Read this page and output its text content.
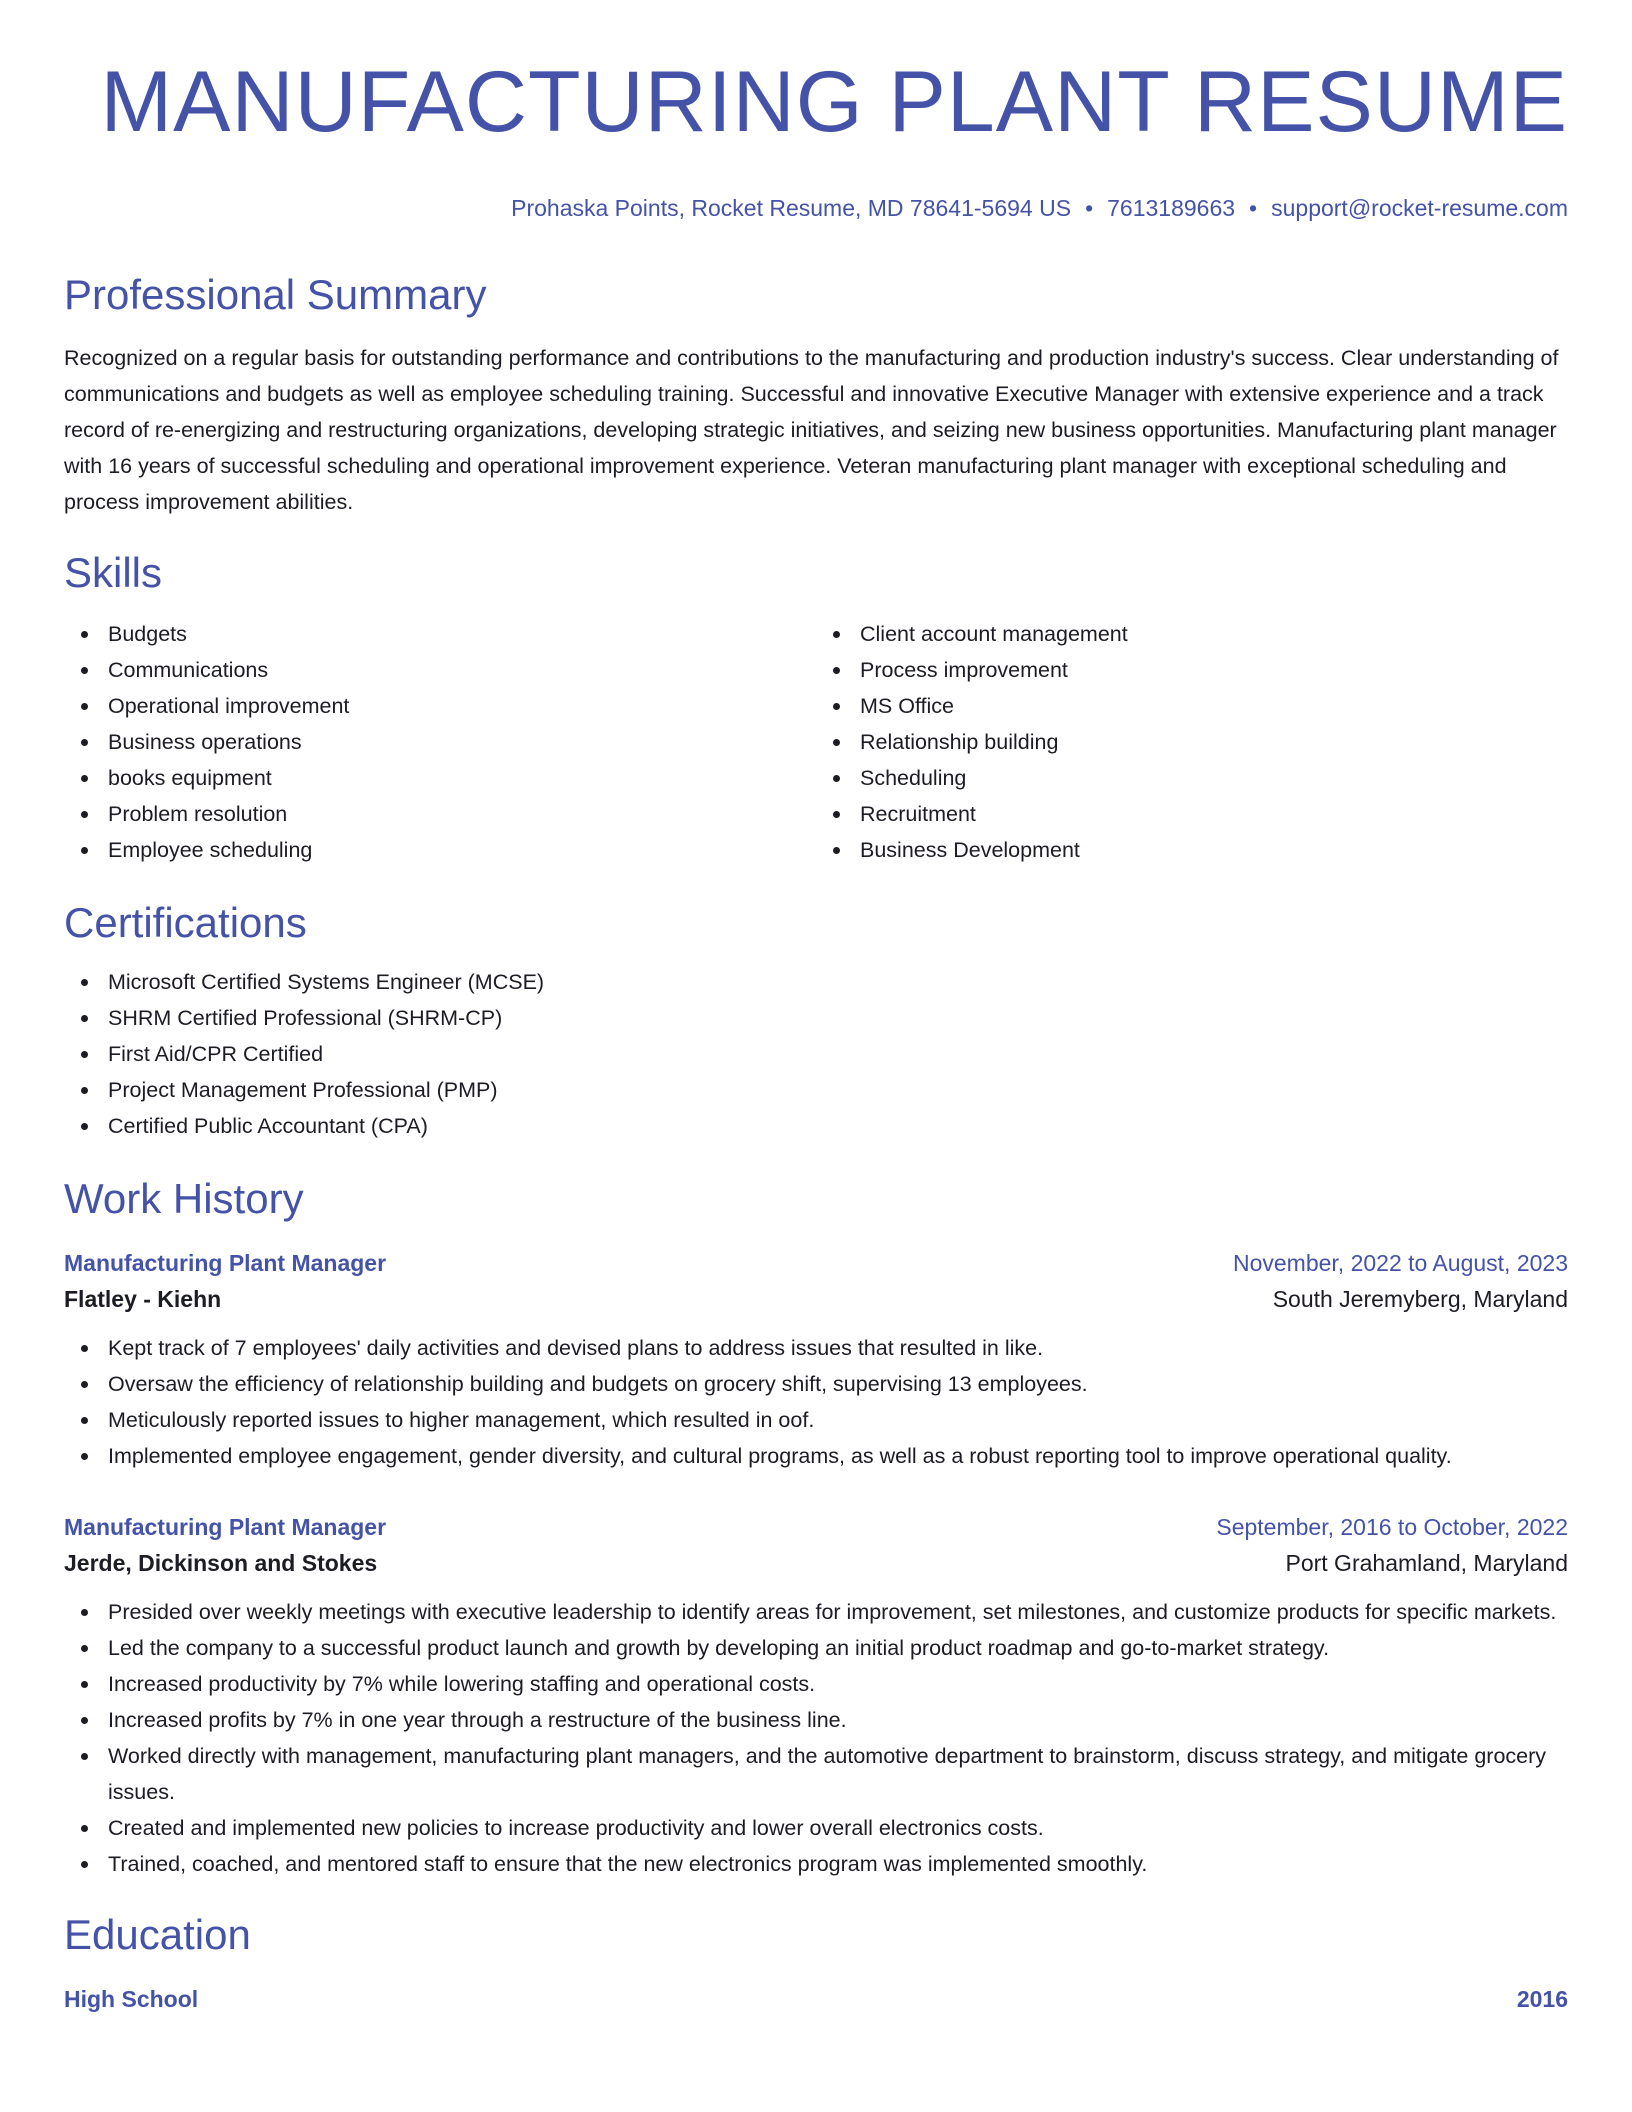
MANUFACTURING PLANT RESUME
Prohaska Points, Rocket Resume, MD 78641-5694 US • 7613189663 • support@rocket-resume.com
Professional Summary
Recognized on a regular basis for outstanding performance and contributions to the manufacturing and production industry's success. Clear understanding of communications and budgets as well as employee scheduling training. Successful and innovative Executive Manager with extensive experience and a track record of re-energizing and restructuring organizations, developing strategic initiatives, and seizing new business opportunities. Manufacturing plant manager with 16 years of successful scheduling and operational improvement experience. Veteran manufacturing plant manager with exceptional scheduling and process improvement abilities.
Skills
Budgets
Communications
Operational improvement
Business operations
books equipment
Problem resolution
Employee scheduling
Client account management
Process improvement
MS Office
Relationship building
Scheduling
Recruitment
Business Development
Certifications
Microsoft Certified Systems Engineer (MCSE)
SHRM Certified Professional (SHRM-CP)
First Aid/CPR Certified
Project Management Professional (PMP)
Certified Public Accountant (CPA)
Work History
Manufacturing Plant Manager	November, 2022 to August, 2023
Flatley - Kiehn	South Jeremyberg, Maryland
Kept track of 7 employees' daily activities and devised plans to address issues that resulted in like.
Oversaw the efficiency of relationship building and budgets on grocery shift, supervising 13 employees.
Meticulously reported issues to higher management, which resulted in oof.
Implemented employee engagement, gender diversity, and cultural programs, as well as a robust reporting tool to improve operational quality.
Manufacturing Plant Manager	September, 2016 to October, 2022
Jerde, Dickinson and Stokes	Port Grahamland, Maryland
Presided over weekly meetings with executive leadership to identify areas for improvement, set milestones, and customize products for specific markets.
Led the company to a successful product launch and growth by developing an initial product roadmap and go-to-market strategy.
Increased productivity by 7% while lowering staffing and operational costs.
Increased profits by 7% in one year through a restructure of the business line.
Worked directly with management, manufacturing plant managers, and the automotive department to brainstorm, discuss strategy, and mitigate grocery issues.
Created and implemented new policies to increase productivity and lower overall electronics costs.
Trained, coached, and mentored staff to ensure that the new electronics program was implemented smoothly.
Education
High School	2016
